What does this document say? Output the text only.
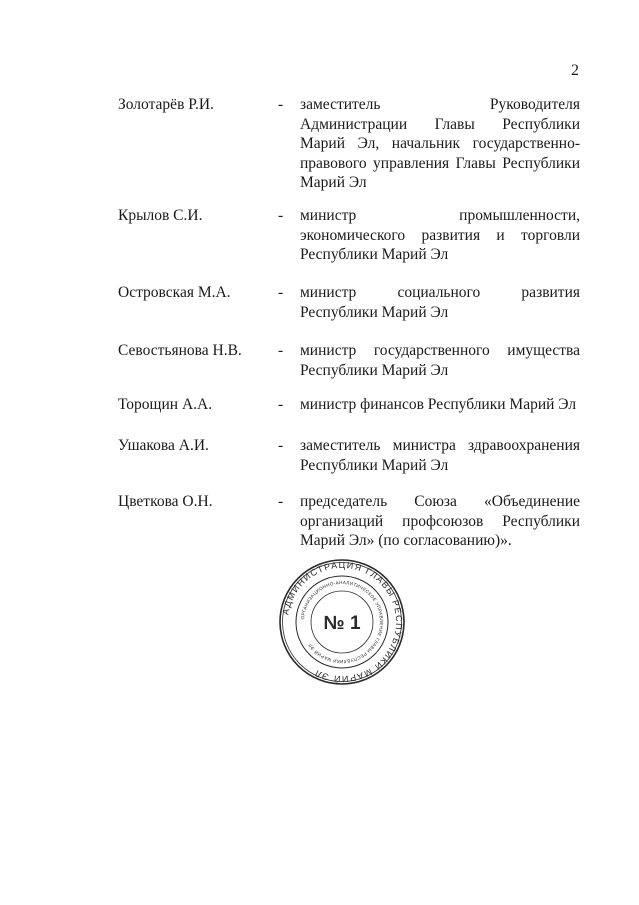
2
Золотарёв Р.И.	- заместитель Руководителя Администрации Главы Республики Марий Эл, начальник государственно-правового управления Главы Республики Марий Эл
Крылов С.И.	- министр промышленности, экономического развития и торговли Республики Марий Эл
Островская М.А.	- министр социального развития Республики Марий Эл
Севостьянова Н.В. - министр государственного имущества Республики Марий Эл
Торощин А.А.	- министр финансов Республики Марий Эл
Ушакова А.И.	- заместитель министра здравоохранения Республики Марий Эл
Цветкова О.Н.	- председатель Союза «Объединение организаций профсоюзов Республики Марий Эл» (по согласованию)».
АДМИНИСТРАЦИЯ ГЛАВЫ РЕСПУБЛИКИ МАРИЙ ЭЛ
ОРГАНИЗАЦИОННО-АНАЛИТИЧЕСКОЕ УПРАВЛЕНИЕ ГЛАВЫ РЕСПУБЛИКИ МАРИЙ ЭЛ
№ 1
